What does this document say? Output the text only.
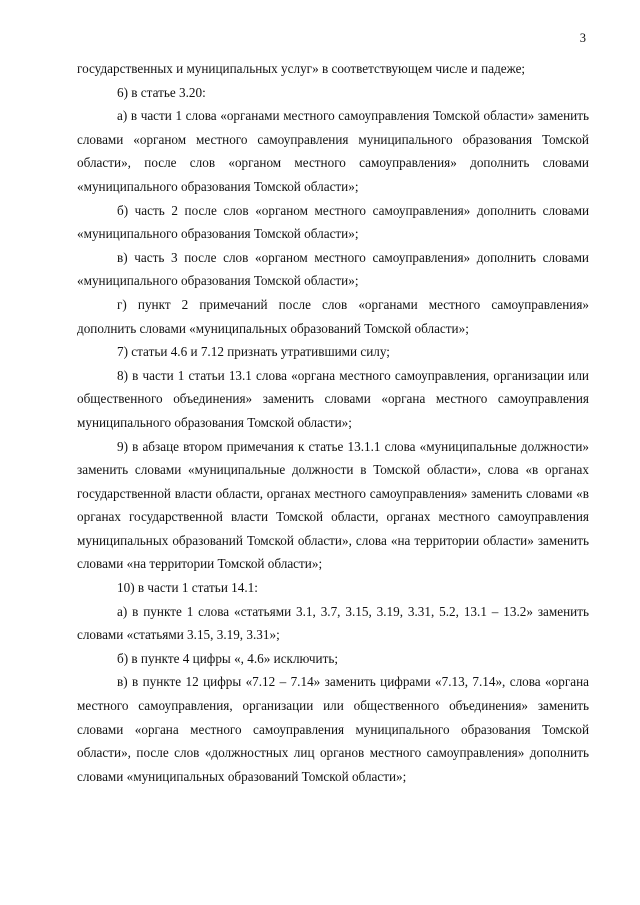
3

государственных и муниципальных услуг» в соответствующем числе и падеже;

6) в статье 3.20:

а) в части 1 слова «органами местного самоуправления Томской области» заменить словами «органом местного самоуправления муниципального образования Томской области», после слов «органом местного самоуправления» дополнить словами «муниципального образования Томской области»;

б) часть 2 после слов «органом местного самоуправления» дополнить словами «муниципального образования Томской области»;

в) часть 3 после слов «органом местного самоуправления» дополнить словами «муниципального образования Томской области»;

г) пункт 2 примечаний после слов «органами местного самоуправления» дополнить словами «муниципальных образований Томской области»;

7) статьи 4.6 и 7.12 признать утратившими силу;

8) в части 1 статьи 13.1 слова «органа местного самоуправления, организации или общественного объединения» заменить словами «органа местного самоуправления муниципального образования Томской области»;

9) в абзаце втором примечания к статье 13.1.1 слова «муниципальные должности» заменить словами «муниципальные должности в Томской области», слова «в органах государственной власти области, органах местного самоуправления» заменить словами «в органах государственной власти Томской области, органах местного самоуправления муниципальных образований Томской области», слова «на территории области» заменить словами «на территории Томской области»;

10) в части 1 статьи 14.1:

а) в пункте 1 слова «статьями 3.1, 3.7, 3.15, 3.19, 3.31, 5.2, 13.1 – 13.2» заменить словами «статьями 3.15, 3.19, 3.31»;

б) в пункте 4 цифры «, 4.6» исключить;

в) в пункте 12 цифры «7.12 – 7.14» заменить цифрами «7.13, 7.14», слова «органа местного самоуправления, организации или общественного объединения» заменить словами «органа местного самоуправления муниципального образования Томской области», после слов «должностных лиц органов местного самоуправления» дополнить словами «муниципальных образований Томской области»;
